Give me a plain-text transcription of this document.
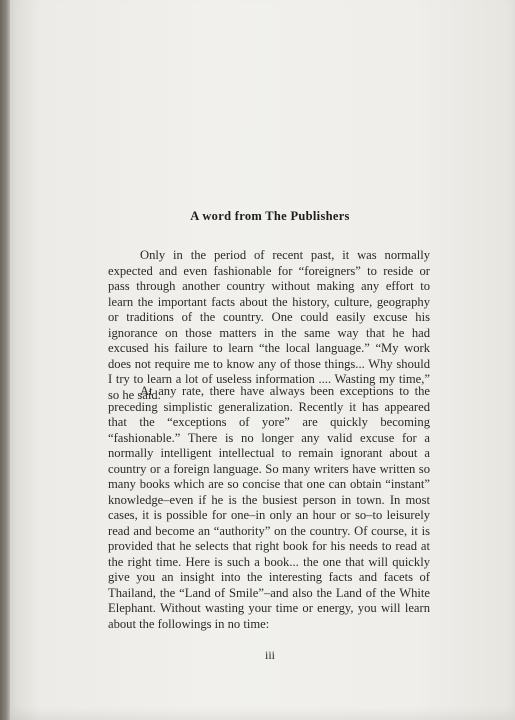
A word from The Publishers

Only in the period of recent past, it was normally expected and even fashionable for “foreigners” to reside or pass through another country without making any effort to learn the important facts about the history, culture, geography or traditions of the country. One could easily excuse his ignorance on those matters in the same way that he had excused his failure to learn “the local language.” “My work does not require me to know any of those things... Why should I try to learn a lot of useless information .... Wasting my time,” so he said.

At any rate, there have always been exceptions to the preceding simplistic generalization. Recently it has appeared that the “exceptions of yore” are quickly becoming “fashionable.” There is no longer any valid excuse for a normally intelligent intellectual to remain ignorant about a country or a foreign language. So many writers have written so many books which are so concise that one can obtain “instant” knowledge–even if he is the busiest person in town. In most cases, it is possible for one–in only an hour or so–to leisurely read and become an “authority” on the country. Of course, it is provided that he selects that right book for his needs to read at the right time. Here is such a book... the one that will quickly give you an insight into the interesting facts and facets of Thailand, the “Land of Smile”–and also the Land of the White Elephant. Without wasting your time or energy, you will learn about the followings in no time:

iii
